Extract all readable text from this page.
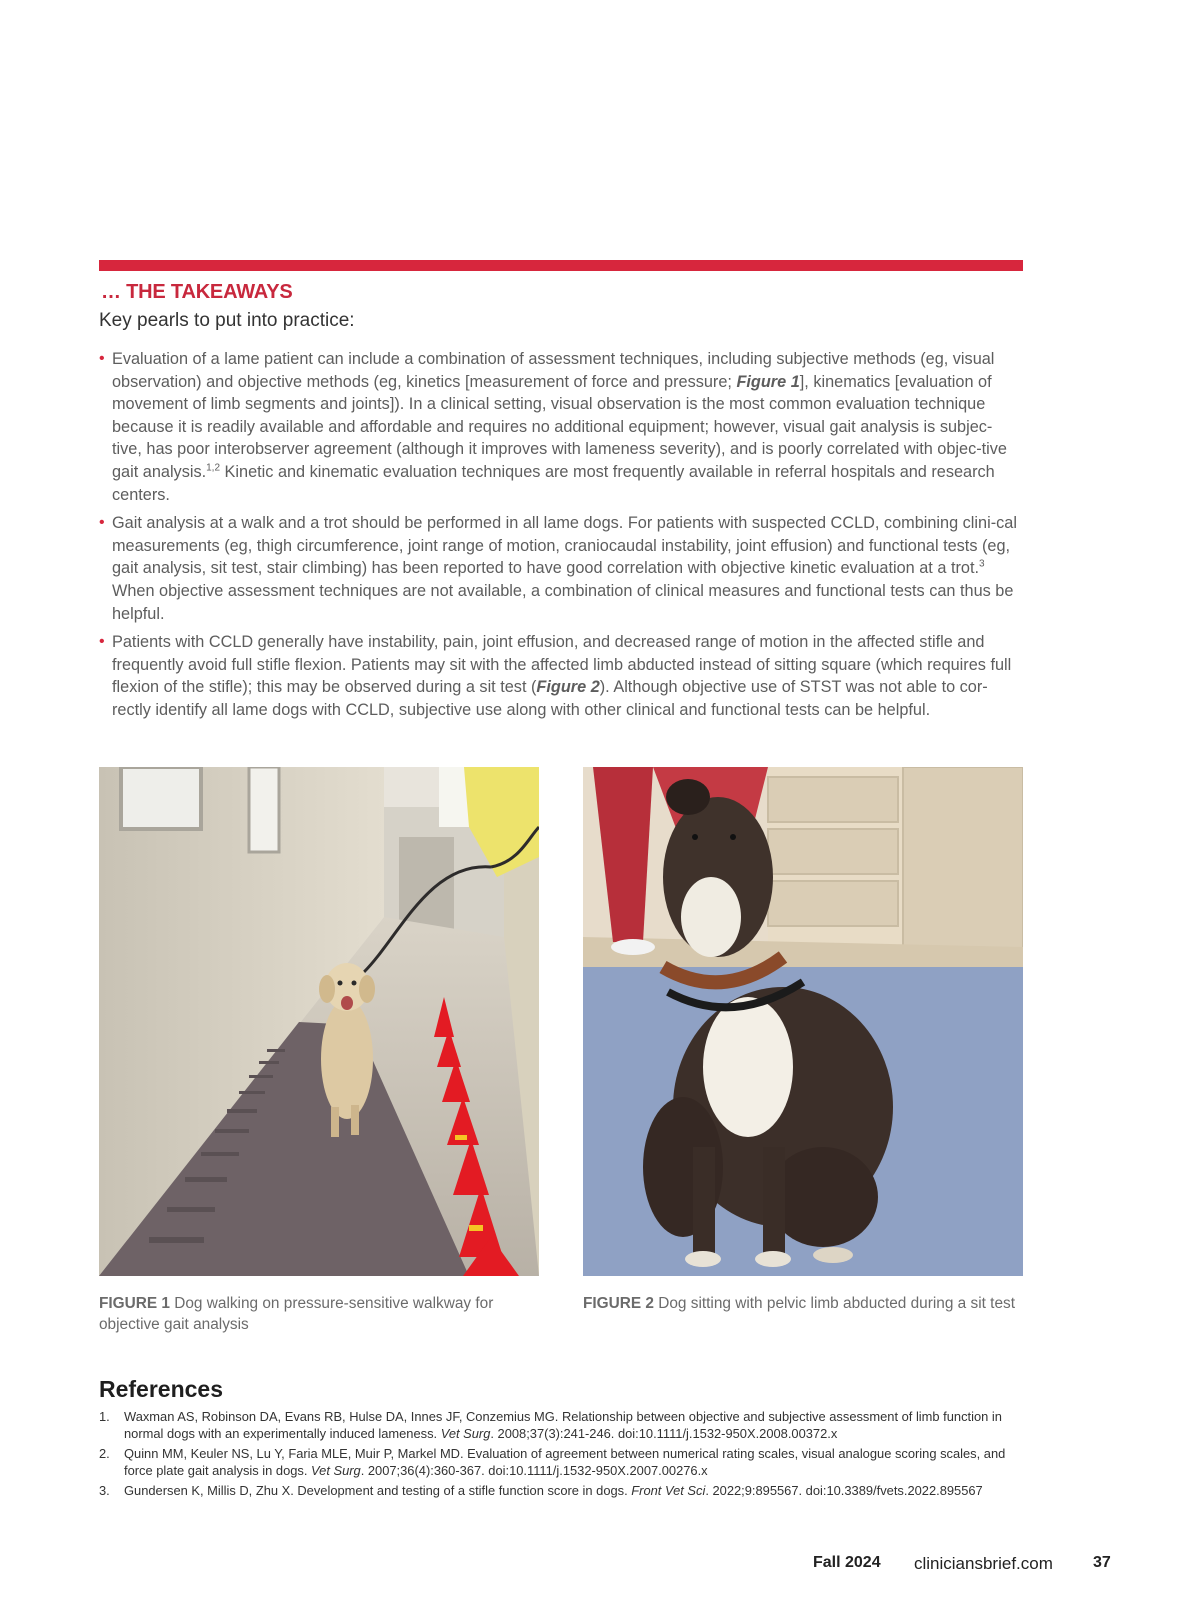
… THE TAKEAWAYS
Key pearls to put into practice:
• Evaluation of a lame patient can include a combination of assessment techniques, including subjective methods (eg, visual observation) and objective methods (eg, kinetics [measurement of force and pressure; Figure 1], kinematics [evaluation of movement of limb segments and joints]). In a clinical setting, visual observation is the most common evaluation technique because it is readily available and affordable and requires no additional equipment; however, visual gait analysis is subjec-tive, has poor interobserver agreement (although it improves with lameness severity), and is poorly correlated with objec-tive gait analysis.$^{1,2}$ Kinetic and kinematic evaluation techniques are most frequently available in referral hospitals and research centers.
• Gait analysis at a walk and a trot should be performed in all lame dogs. For patients with suspected CCLD, combining clini-cal measurements (eg, thigh circumference, joint range of motion, craniocaudal instability, joint effusion) and functional tests (eg, gait analysis, sit test, stair climbing) has been reported to have good correlation with objective kinetic evaluation at a trot.$^3$ When objective assessment techniques are not available, a combination of clinical measures and functional tests can thus be helpful.
• Patients with CCLD generally have instability, pain, joint effusion, and decreased range of motion in the affected stifle and frequently avoid full stifle flexion. Patients may sit with the affected limb abducted instead of sitting square (which requires full flexion of the stifle); this may be observed during a sit test (Figure 2). Although objective use of STST was not able to cor-rectly identify all lame dogs with CCLD, subjective use along with other clinical and functional tests can be helpful.
FIGURE 1 Dog walking on pressure-sensitive walkway for objective gait analysis
FIGURE 2 Dog sitting with pelvic limb abducted during a sit test
References
1. Waxman AS, Robinson DA, Evans RB, Hulse DA, Innes JF, Conzemius MG. Relationship between objective and subjective assessment of limb function in normal dogs with an experimentally induced lameness. Vet Surg. 2008;37(3):241-246. doi:10.1111/j.1532-950X.2008.00372.x
2. Quinn MM, Keuler NS, Lu Y, Faria MLE, Muir P, Markel MD. Evaluation of agreement between numerical rating scales, visual analogue scoring scales, and force plate gait analysis in dogs. Vet Surg. 2007;36(4):360-367. doi:10.1111/j.1532-950X.2007.00276.x
3. Gundersen K, Millis D, Zhu X. Development and testing of a stifle function score in dogs. Front Vet Sci. 2022;9:895567. doi:10.3389/fvets.2022.895567
Fall 2024 cliniciansbrief.com	37
